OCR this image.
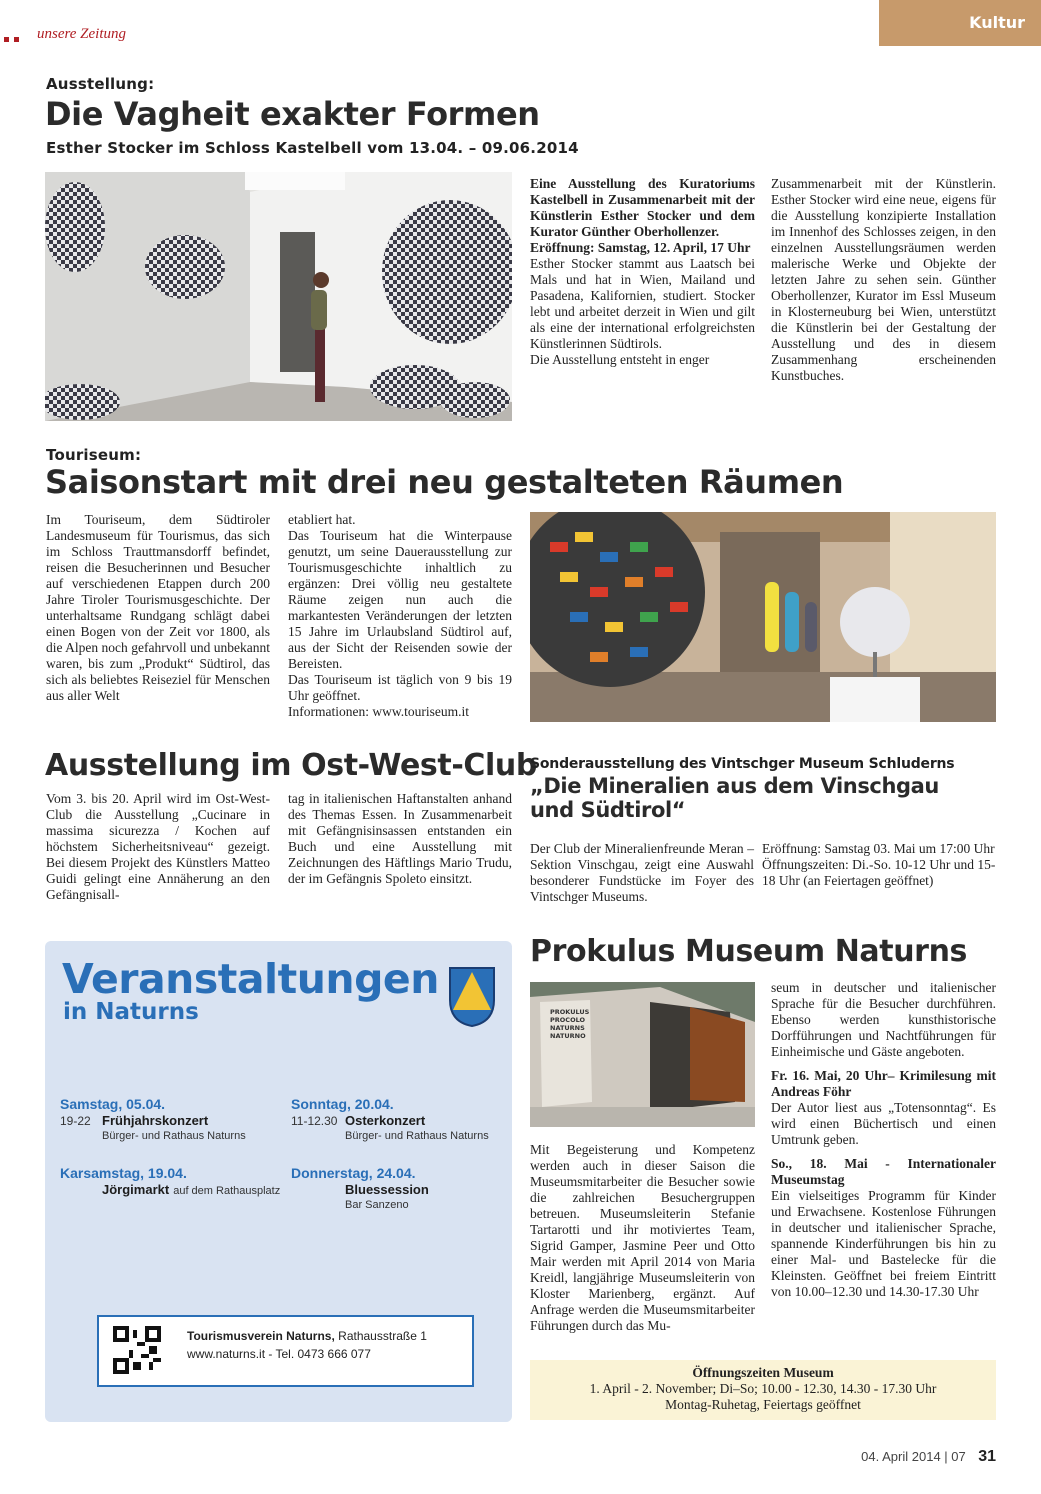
unsere Zeitung
Kultur
Ausstellung:
Die Vagheit exakter Formen
Esther Stocker im Schloss Kastelbell vom 13.04. – 09.06.2014

Eine Ausstellung des Kuratoriums Kastelbell in Zusammenarbeit mit der Künstlerin Esther Stocker und dem Kurator Günther Oberhollenzer.

Eröffnung: Samstag, 12. April, 17 Uhr

Esther Stocker stammt aus Laatsch bei Mals und hat in Wien, Mailand und Pasadena, Kalifornien, studiert. Stocker lebt und arbeitet derzeit in Wien und gilt als eine der international erfolgreichsten Künstlerinnen Südtirols.

Die Ausstellung entsteht in enger

Zusammenarbeit mit der Künstlerin. Esther Stocker wird eine neue, eigens für die Ausstellung konzipierte Installation im Innenhof des Schlosses zeigen, in den einzelnen Ausstellungsräumen werden malerische Werke und Objekte der letzten Jahre zu sehen sein. Günther Oberhollenzer, Kurator im Essl Museum in Klosterneuburg bei Wien, unterstützt die Künstlerin bei der Gestaltung der Ausstellung und des in diesem Zusammenhang erscheinenden Kunstbuches.

Touriseum:
Saisonstart mit drei neu gestalteten Räumen

Im Touriseum, dem Südtiroler Landesmuseum für Tourismus, das sich im Schloss Trauttmansdorff befindet, reisen die Besucherinnen und Besucher auf verschiedenen Etappen durch 200 Jahre Tiroler Tourismusgeschichte. Der unterhaltsame Rundgang schlägt dabei einen Bogen von der Zeit vor 1800, als die Alpen noch gefahrvoll und unbekannt waren, bis zum „Produkt“ Südtirol, das sich als beliebtes Reiseziel für Menschen aus aller Welt

etabliert hat.

Das Touriseum hat die Winterpause genutzt, um seine Dauerausstellung zur Tourismusgeschichte inhaltlich zu ergänzen: Drei völlig neu gestaltete Räume zeigen nun auch die markantesten Veränderungen der letzten 15 Jahre im Urlaubsland Südtirol auf, aus der Sicht der Reisenden sowie der Bereisten.

Das Touriseum ist täglich von 9 bis 19 Uhr geöffnet.

Informationen: www.touriseum.it

Ausstellung im Ost-West-Club

Vom 3. bis 20. April wird im Ost-West-Club die Ausstellung „Cucinare in massima sicurezza / Kochen auf höchstem Sicherheitsniveau“ gezeigt. Bei diesem Projekt des Künstlers Matteo Guidi gelingt eine Annäherung an den Gefängnisall-

tag in italienischen Haftanstalten anhand des Themas Essen. In Zusammenarbeit mit Gefängnisinsassen entstanden ein Buch und eine Ausstellung mit Zeichnungen des Häftlings Mario Trudu, der im Gefängnis Spoleto einsitzt.

Sonderausstellung des Vintschger Museum Schluderns
„Die Mineralien aus dem Vinschgau
und Südtirol“

Der Club der Mineralienfreunde Meran – Sektion Vinschgau, zeigt eine Auswahl besonderer Fundstücke im Foyer des Vintschger Museums.

Eröffnung: Samstag 03. Mai um 17:00 Uhr

Öffnungszeiten: Di.-So. 10-12 Uhr und 15-18 Uhr (an Feiertagen geöffnet)

Veranstaltungen
in Naturns
Samstag, 05.04.
19-22 Frühjahrskonzert
Bürger- und Rathaus Naturns
Sonntag, 20.04.
11-12.30 Osterkonzert
Bürger- und Rathaus Naturns
Karsamstag, 19.04.
Jörgimarkt auf dem Rathausplatz
Donnerstag, 24.04.
Bluessession
Bar Sanzeno
Tourismusverein Naturns, Rathausstraße 1
www.naturns.it - Tel. 0473 666 077
Prokulus Museum Naturns
PROKULUS PROCOLO NATURNS NATURNO

Mit Begeisterung und Kompetenz werden auch in dieser Saison die Museumsmitarbeiter die Besucher sowie die zahlreichen Besuchergruppen betreuen. Museumsleiterin Stefanie Tartarotti und ihr motiviertes Team, Sigrid Gamper, Jasmine Peer und Otto Mair werden mit April 2014 von Maria Kreidl, langjährige Museumsleiterin von Kloster Marienberg, ergänzt. Auf Anfrage werden die Museumsmitarbeiter Führungen durch das Mu-

seum in deutscher und italienischer Sprache für die Besucher durchführen. Ebenso werden kunsthistorische Dorfführungen und Nachtführungen für Einheimische und Gäste angeboten.

Fr. 16. Mai, 20 Uhr– Krimilesung mit Andreas Föhr

Der Autor liest aus „Totensonntag“. Es wird einen Büchertisch und einen Umtrunk geben.

So., 18. Mai - Internationaler Museumstag

Ein vielseitiges Programm für Kinder und Erwachsene. Kostenlose Führungen in deutscher und italienischer Sprache, spannende Kinderführungen bis hin zu einer Mal- und Bastelecke für die Kleinsten. Geöffnet bei freiem Eintritt von 10.00–12.30 und 14.30-17.30 Uhr

Öffnungszeiten Museum
1. April - 2. November; Di–So; 10.00 - 12.30, 14.30 - 17.30 Uhr
Montag-Ruhetag, Feiertags geöffnet
04. April 2014 | 07 31
